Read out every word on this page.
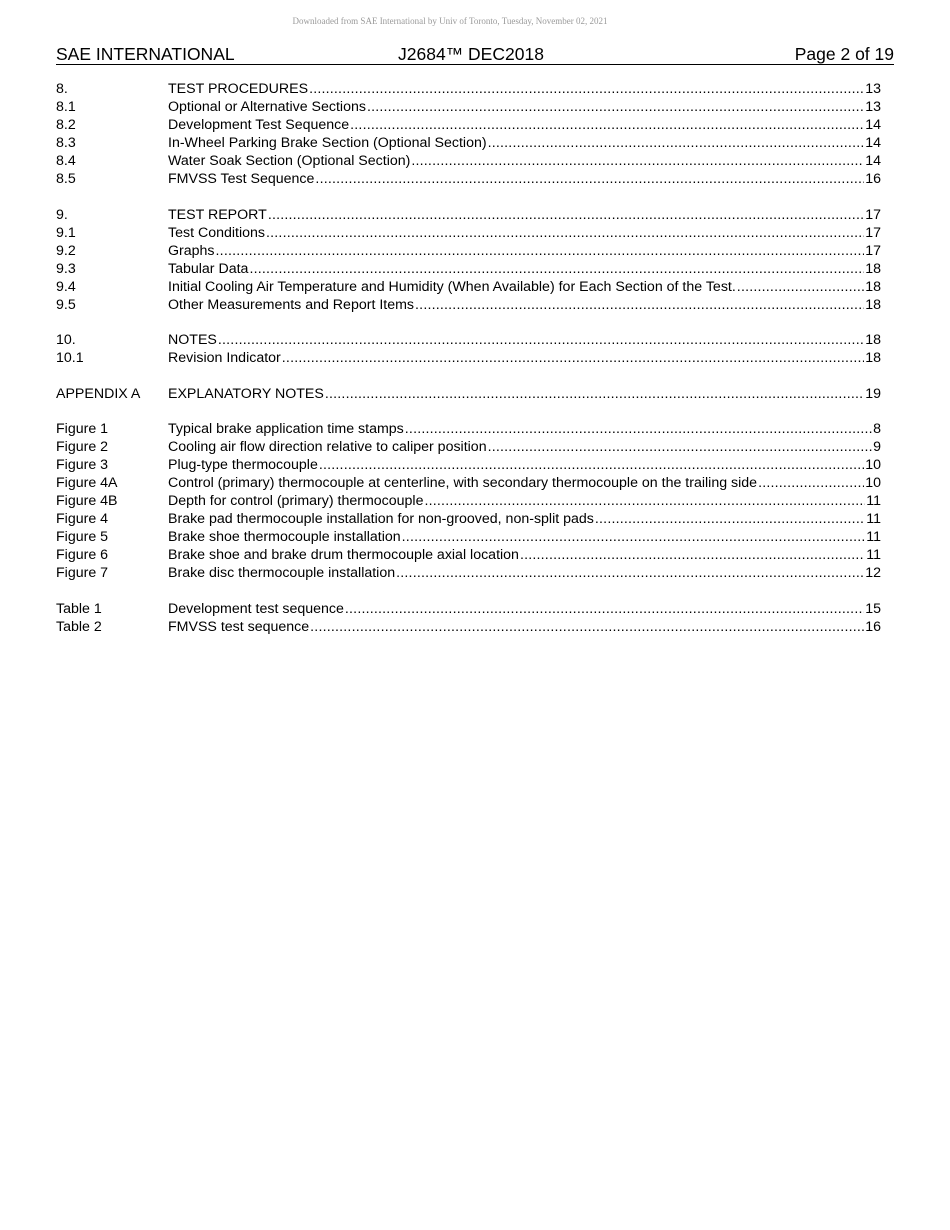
Downloaded from SAE International by Univ of Toronto, Tuesday, November 02, 2021
SAE INTERNATIONAL	J2684™ DEC2018	Page 2 of 19
8.	TEST PROCEDURES .....	13
8.1	Optional or Alternative Sections .....	13
8.2	Development Test Sequence .....	14
8.3	In-Wheel Parking Brake Section (Optional Section) .....	14
8.4	Water Soak Section (Optional Section) .....	14
8.5	FMVSS Test Sequence .....	16
9.	TEST REPORT .....	17
9.1	Test Conditions .....	17
9.2	Graphs .....	17
9.3	Tabular Data .....	18
9.4	Initial Cooling Air Temperature and Humidity (When Available) for Each Section of the Test. .....	18
9.5	Other Measurements and Report Items .....	18
10.	NOTES .....	18
10.1	Revision Indicator .....	18
APPENDIX A	EXPLANATORY NOTES .....	19
Figure 1	Typical brake application time stamps .....	8
Figure 2	Cooling air flow direction relative to caliper position .....	9
Figure 3	Plug-type thermocouple .....	10
Figure 4A	Control (primary) thermocouple at centerline, with secondary thermocouple on the trailing side .....	10
Figure 4B	Depth for control (primary) thermocouple .....	11
Figure 4	Brake pad thermocouple installation for non-grooved, non-split pads .....	11
Figure 5	Brake shoe thermocouple installation .....	11
Figure 6	Brake shoe and brake drum thermocouple axial location .....	11
Figure 7	Brake disc thermocouple installation .....	12
Table 1	Development test sequence .....	15
Table 2	FMVSS test sequence .....	16
